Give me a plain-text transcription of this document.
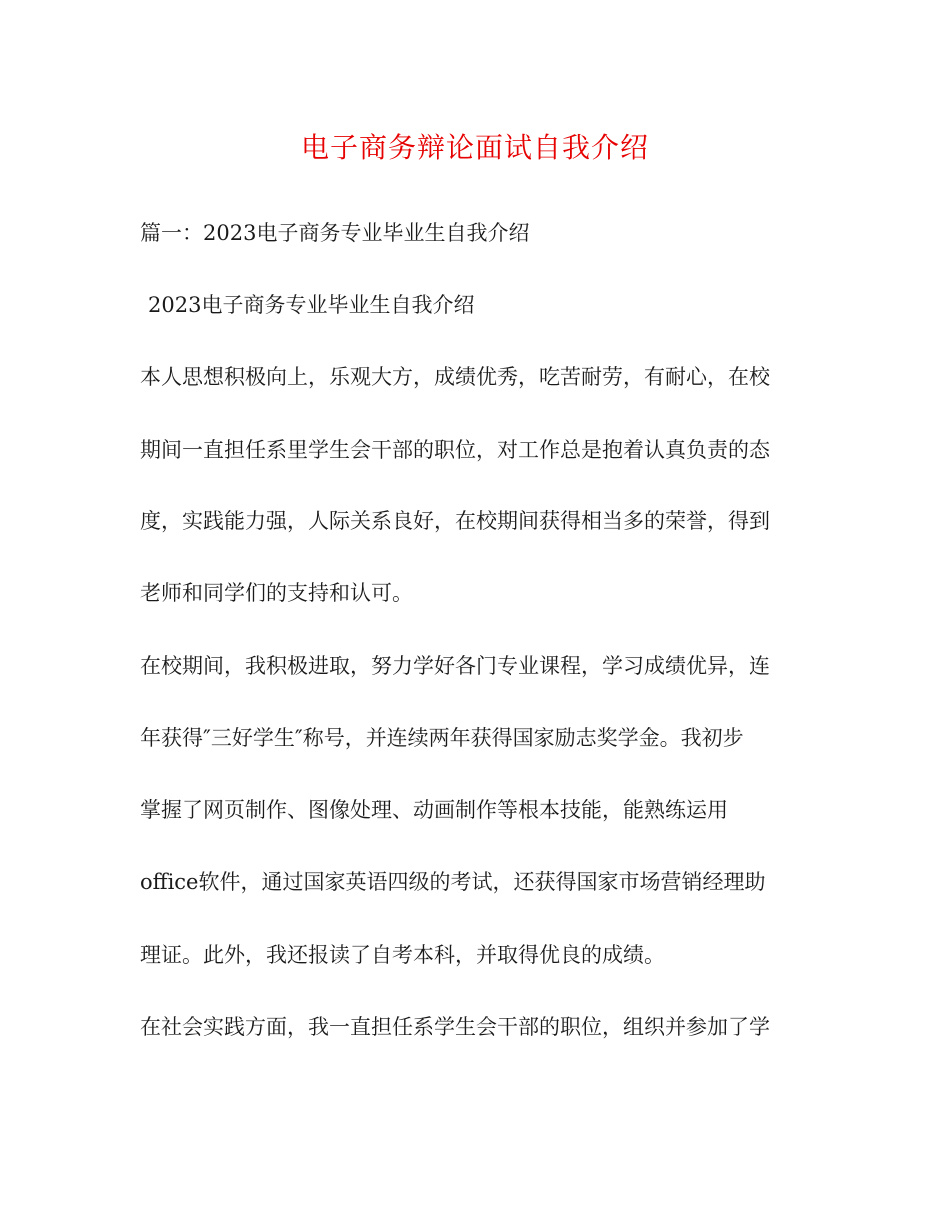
电子商务辩论面试自我介绍
篇一：2023电子商务专业毕业生自我介绍
2023电子商务专业毕业生自我介绍
本人思想积极向上，乐观大方，成绩优秀，吃苦耐劳，有耐心，在校
期间一直担任系里学生会干部的职位，对工作总是抱着认真负责的态
度，实践能力强，人际关系良好，在校期间获得相当多的荣誉，得到
老师和同学们的支持和认可。
在校期间，我积极进取，努力学好各门专业课程，学习成绩优异，连
年获得″三好学生″称号，并连续两年获得国家励志奖学金。我初步
掌握了网页制作、图像处理、动画制作等根本技能，能熟练运用
office软件，通过国家英语四级的考试，还获得国家市场营销经理助
理证。此外，我还报读了自考本科，并取得优良的成绩。
在社会实践方面，我一直担任系学生会干部的职位，组织并参加了学
